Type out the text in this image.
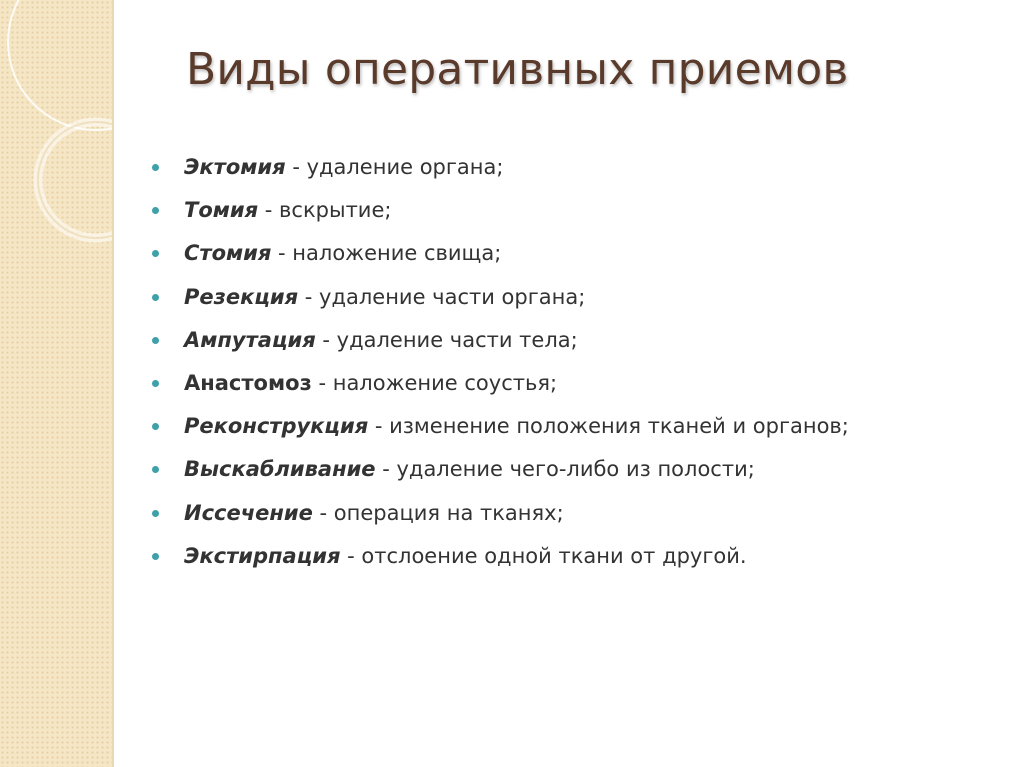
Виды оперативных приемов
Эктомия - удаление органа;
Томия - вскрытие;
Стомия - наложение свища;
Резекция - удаление части органа;
Ампутация - удаление части тела;
Анастомоз - наложение соустья;
Реконструкция - изменение положения тканей и органов;
Выскабливание - удаление чего-либо из полости;
Иссечение - операция на тканях;
Экстирпация - отслоение одной ткани от другой.
